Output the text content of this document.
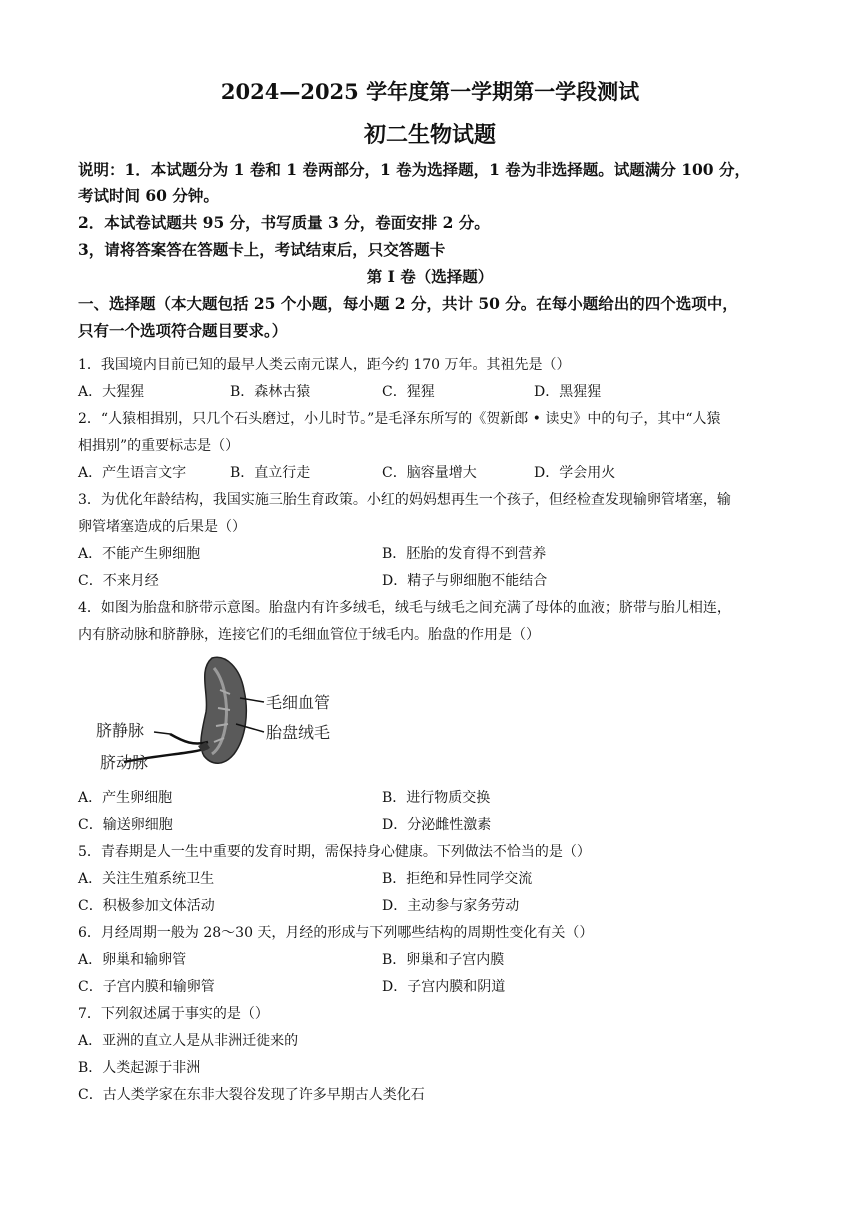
2024—2025 学年度第一学期第一学段测试
初二生物试题
说明：1．本试题分为 1 卷和 1 卷两部分，1 卷为选择题，1 卷为非选择题。试题满分 100 分，
考试时间 60 分钟。
2．本试卷试题共 95 分，书写质量 3 分，卷面安排 2 分。
3，请将答案答在答题卡上，考试结束后，只交答题卡
第 I 卷（选择题）
一、选择题（本大题包括 25 个小题，每小题 2 分，共计 50 分。在每小题给出的四个选项中，
只有一个选项符合题目要求。）
1．我国境内目前已知的最早人类云南元谋人，距今约 170 万年。其祖先是（）
A．大猩猩	B．森林古猿	C．猩猩	D．黑猩猩
2．“人猿相揖别，只几个石头磨过，小儿时节。”是毛泽东所写的《贺新郎 • 读史》中的句子，其中“人猿
相揖别”的重要标志是（）
A．产生语言文字	B．直立行走	C．脑容量增大	D．学会用火
3．为优化年龄结构，我国实施三胎生育政策。小红的妈妈想再生一个孩子，但经检查发现输卵管堵塞，输
卵管堵塞造成的后果是（）
A．不能产生卵细胞	B．胚胎的发育得不到营养
C．不来月经	D．精子与卵细胞不能结合
4．如图为胎盘和脐带示意图。胎盘内有许多绒毛，绒毛与绒毛之间充满了母体的血液；脐带与胎儿相连，
内有脐动脉和脐静脉，连接它们的毛细血管位于绒毛内。胎盘的作用是（）
毛细血管
胎盘绒毛
脐静脉
脐动脉
A．产生卵细胞	B．进行物质交换
C．输送卵细胞	D．分泌雌性激素
5．青春期是人一生中重要的发育时期，需保持身心健康。下列做法不恰当的是（）
A．关注生殖系统卫生	B．拒绝和异性同学交流
C．积极参加文体活动	D．主动参与家务劳动
6．月经周期一般为 28～30 天，月经的形成与下列哪些结构的周期性变化有关（）
A．卵巢和输卵管	B．卵巢和子宫内膜
C．子宫内膜和输卵管	D．子宫内膜和阴道
7．下列叙述属于事实的是（）
A．亚洲的直立人是从非洲迁徙来的
B．人类起源于非洲
C．古人类学家在东非大裂谷发现了许多早期古人类化石
